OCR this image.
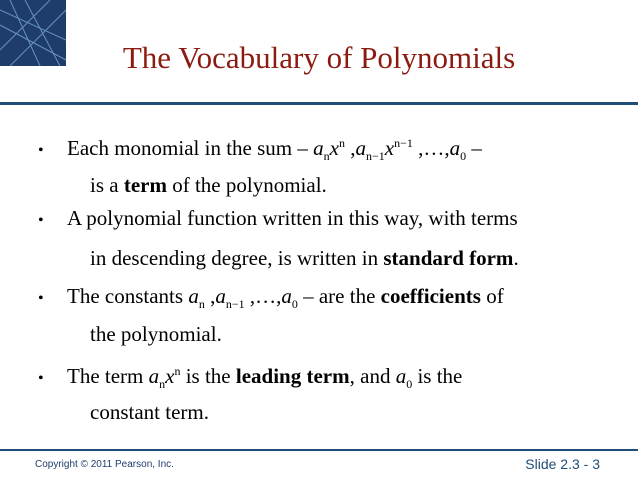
The Vocabulary of Polynomials
• Each monomial in the sum – $a_nx^n$ $,a_{n-1}x^{n-1}$ $,\dots,a_0$ –
is a term of the polynomial.
• A polynomial function written in this way, with terms
in descending degree, is written in standard form.
• The constants $a_n$ $,a_{n-1}$ $,\dots,a_0$ – are the coefficients of
the polynomial.
• The term $a_nx^n$ is the leading term, and $a_0$ is the
constant term.
Copyright © 2011 Pearson, Inc.	Slide 2.3 - 3
